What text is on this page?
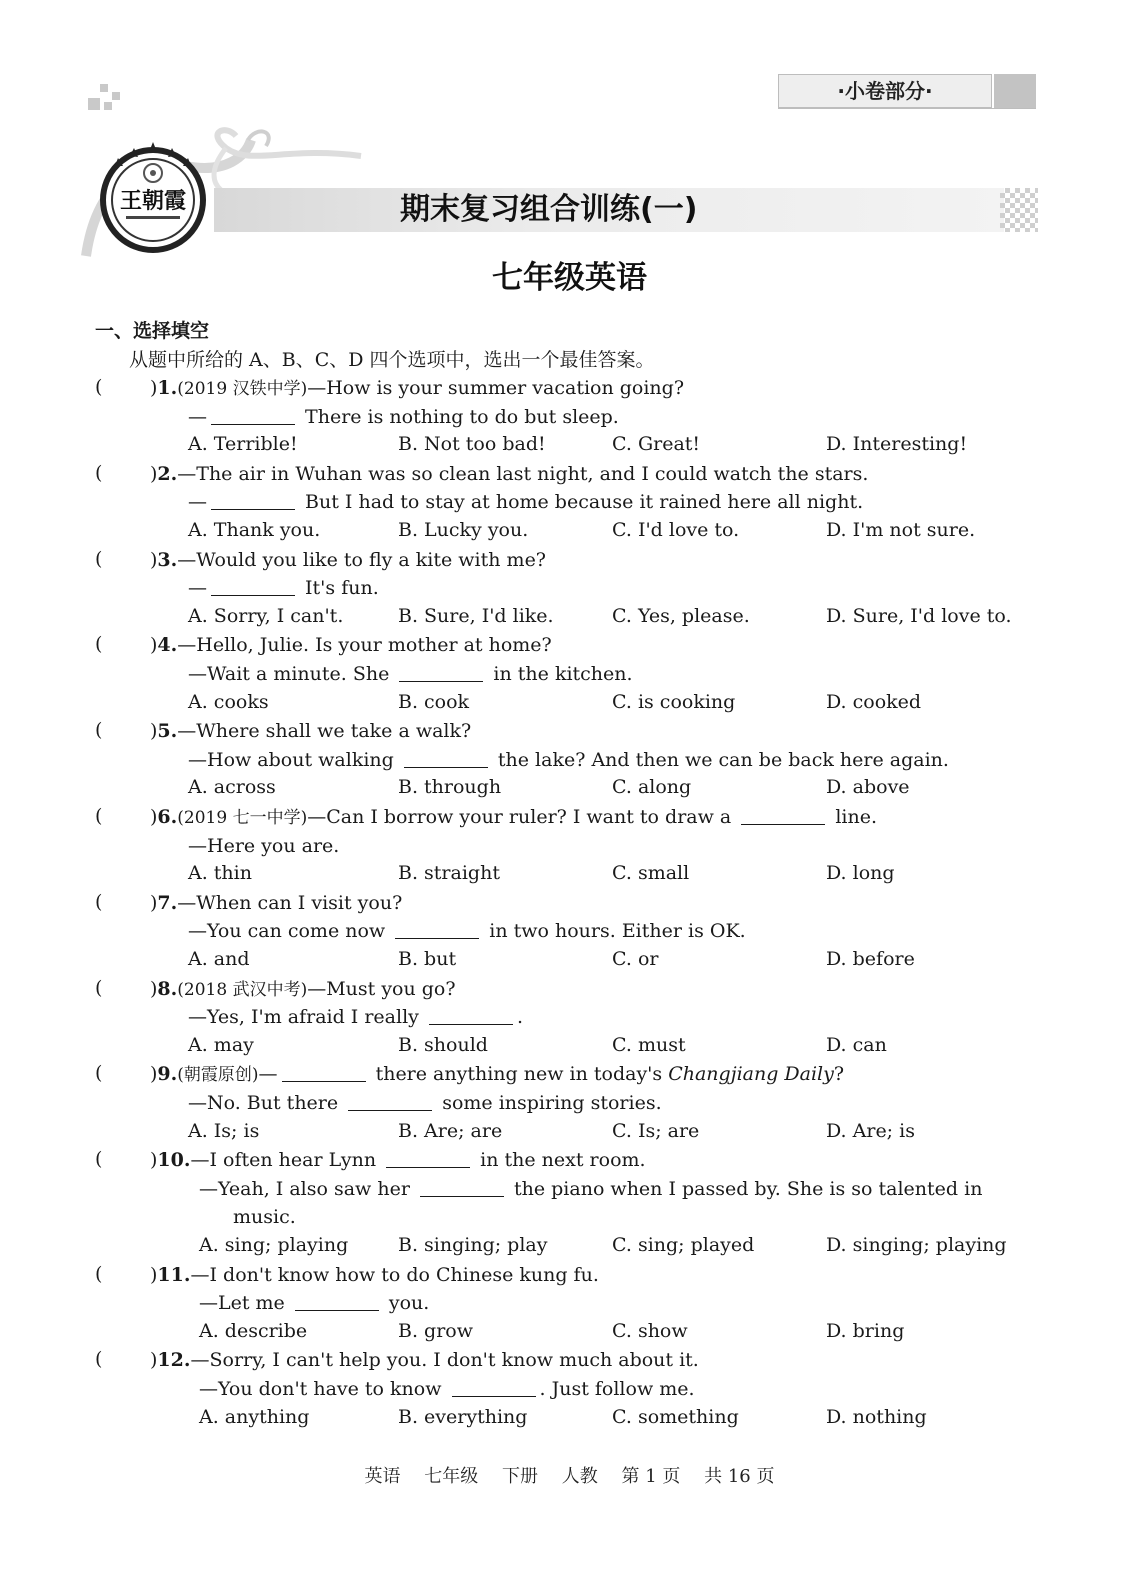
·小卷部分·
王朝霞	期末复习组合训练(一)
七年级英语
一、选择填空
从题中所给的 A、B、C、D 四个选项中，选出一个最佳答案。
(	)1.(2019 汉铁中学)—How is your summer vacation going?
—	There is nothing to do but sleep.
A. Terrible!	B. Not too bad!	C. Great!	D. Interesting!
(	)2.—The air in Wuhan was so clean last night, and I could watch the stars.
—	But I had to stay at home because it rained here all night.
A. Thank you.	B. Lucky you.	C. I'd love to.	D. I'm not sure.
(	)3.—Would you like to fly a kite with me?
—	It's fun.
A. Sorry, I can't.	B. Sure, I'd like.	C. Yes, please.	D. Sure, I'd love to.
(	)4.—Hello, Julie. Is your mother at home?
—Wait a minute. She	in the kitchen.
A. cooks	B. cook	C. is cooking	D. cooked
(	)5.—Where shall we take a walk?
—How about walking	the lake? And then we can be back here again.
A. across	B. through	C. along	D. above
(	)6.(2019 七一中学)—Can I borrow your ruler? I want to draw a	line.
—Here you are.
A. thin	B. straight	C. small	D. long
(	)7.—When can I visit you?
—You can come now	in two hours. Either is OK.
A. and	B. but	C. or	D. before
(	)8.(2018 武汉中考)—Must you go?
—Yes, I'm afraid I really	.
A. may	B. should	C. must	D. can
(	)9.(朝霞原创)—	there anything new in today's Changjiang Daily?
—No. But there	some inspiring stories.
A. Is; is	B. Are; are	C. Is; are	D. Are; is
(	)10.—I often hear Lynn	in the next room.
—Yeah, I also saw her	the piano when I passed by. She is so talented in
music.
A. sing; playing	B. singing; play	C. sing; played	D. singing; playing
(	)11.—I don't know how to do Chinese kung fu.
—Let me	you.
A. describe	B. grow	C. show	D. bring
(	)12.—Sorry, I can't help you. I don't know much about it.
—You don't have to know	. Just follow me.
A. anything	B. everything	C. something	D. nothing
英语 七年级 下册 人教 第 1 页 共 16 页
